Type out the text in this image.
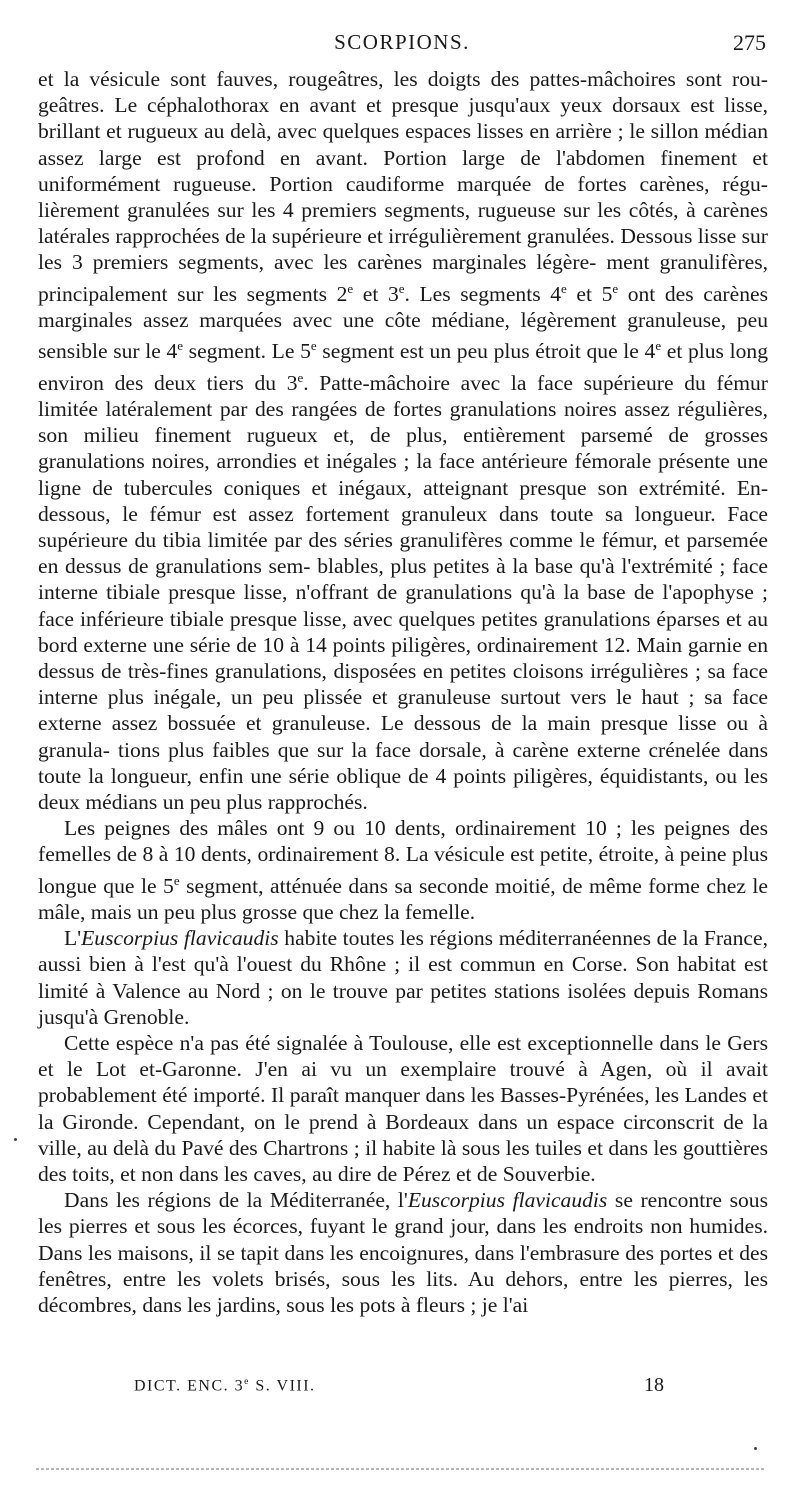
SCORPIONS.	275

et la vésicule sont fauves, rougeâtres, les doigts des pattes-mâchoires sont rou- geâtres. Le céphalothorax en avant et presque jusqu'aux yeux dorsaux est lisse, brillant et rugueux au delà, avec quelques espaces lisses en arrière ; le sillon médian assez large est profond en avant. Portion large de l'abdomen finement et uniformément rugueuse. Portion caudiforme marquée de fortes carènes, régu- lièrement granulées sur les 4 premiers segments, rugueuse sur les côtés, à carènes latérales rapprochées de la supérieure et irrégulièrement granulées. Dessous lisse sur les 3 premiers segments, avec les carènes marginales légère- ment granulifères, principalement sur les segments 2e et 3e. Les segments 4e et 5e ont des carènes marginales assez marquées avec une côte médiane, légèrement granuleuse, peu sensible sur le 4e segment. Le 5e segment est un peu plus étroit que le 4e et plus long environ des deux tiers du 3e. Patte-mâchoire avec la face supérieure du fémur limitée latéralement par des rangées de fortes granulations noires assez régulières, son milieu finement rugueux et, de plus, entièrement parsemé de grosses granulations noires, arrondies et inégales ; la face antérieure fémorale présente une ligne de tubercules coniques et inégaux, atteignant presque son extrémité. En-dessous, le fémur est assez fortement granuleux dans toute sa longueur. Face supérieure du tibia limitée par des séries granulifères comme le fémur, et parsemée en dessus de granulations sem- blables, plus petites à la base qu'à l'extrémité ; face interne tibiale presque lisse, n'offrant de granulations qu'à la base de l'apophyse ; face inférieure tibiale presque lisse, avec quelques petites granulations éparses et au bord externe une série de 10 à 14 points piligères, ordinairement 12. Main garnie en dessus de très-fines granulations, disposées en petites cloisons irrégulières ; sa face interne plus inégale, un peu plissée et granuleuse surtout vers le haut ; sa face externe assez bossuée et granuleuse. Le dessous de la main presque lisse ou à granula- tions plus faibles que sur la face dorsale, à carène externe crénelée dans toute la longueur, enfin une série oblique de 4 points piligères, équidistants, ou les deux médians un peu plus rapprochés.

Les peignes des mâles ont 9 ou 10 dents, ordinairement 10 ; les peignes des femelles de 8 à 10 dents, ordinairement 8. La vésicule est petite, étroite, à peine plus longue que le 5e segment, atténuée dans sa seconde moitié, de même forme chez le mâle, mais un peu plus grosse que chez la femelle.

L'Euscorpius flavicaudis habite toutes les régions méditerranéennes de la France, aussi bien à l'est qu'à l'ouest du Rhône ; il est commun en Corse. Son habitat est limité à Valence au Nord ; on le trouve par petites stations isolées depuis Romans jusqu'à Grenoble.

Cette espèce n'a pas été signalée à Toulouse, elle est exceptionnelle dans le Gers et le Lot et-Garonne. J'en ai vu un exemplaire trouvé à Agen, où il avait probablement été importé. Il paraît manquer dans les Basses-Pyrénées, les Landes et la Gironde. Cependant, on le prend à Bordeaux dans un espace circonscrit de la ville, au delà du Pavé des Chartrons ; il habite là sous les tuiles et dans les gouttières des toits, et non dans les caves, au dire de Pérez et de Souverbie.

Dans les régions de la Méditerranée, l'Euscorpius flavicaudis se rencontre sous les pierres et sous les écorces, fuyant le grand jour, dans les endroits non humides. Dans les maisons, il se tapit dans les encoignures, dans l'embrasure des portes et des fenêtres, entre les volets brisés, sous les lits. Au dehors, entre les pierres, les décombres, dans les jardins, sous les pots à fleurs ; je l'ai

DICT. ENC. 3e S. VIII.	18
